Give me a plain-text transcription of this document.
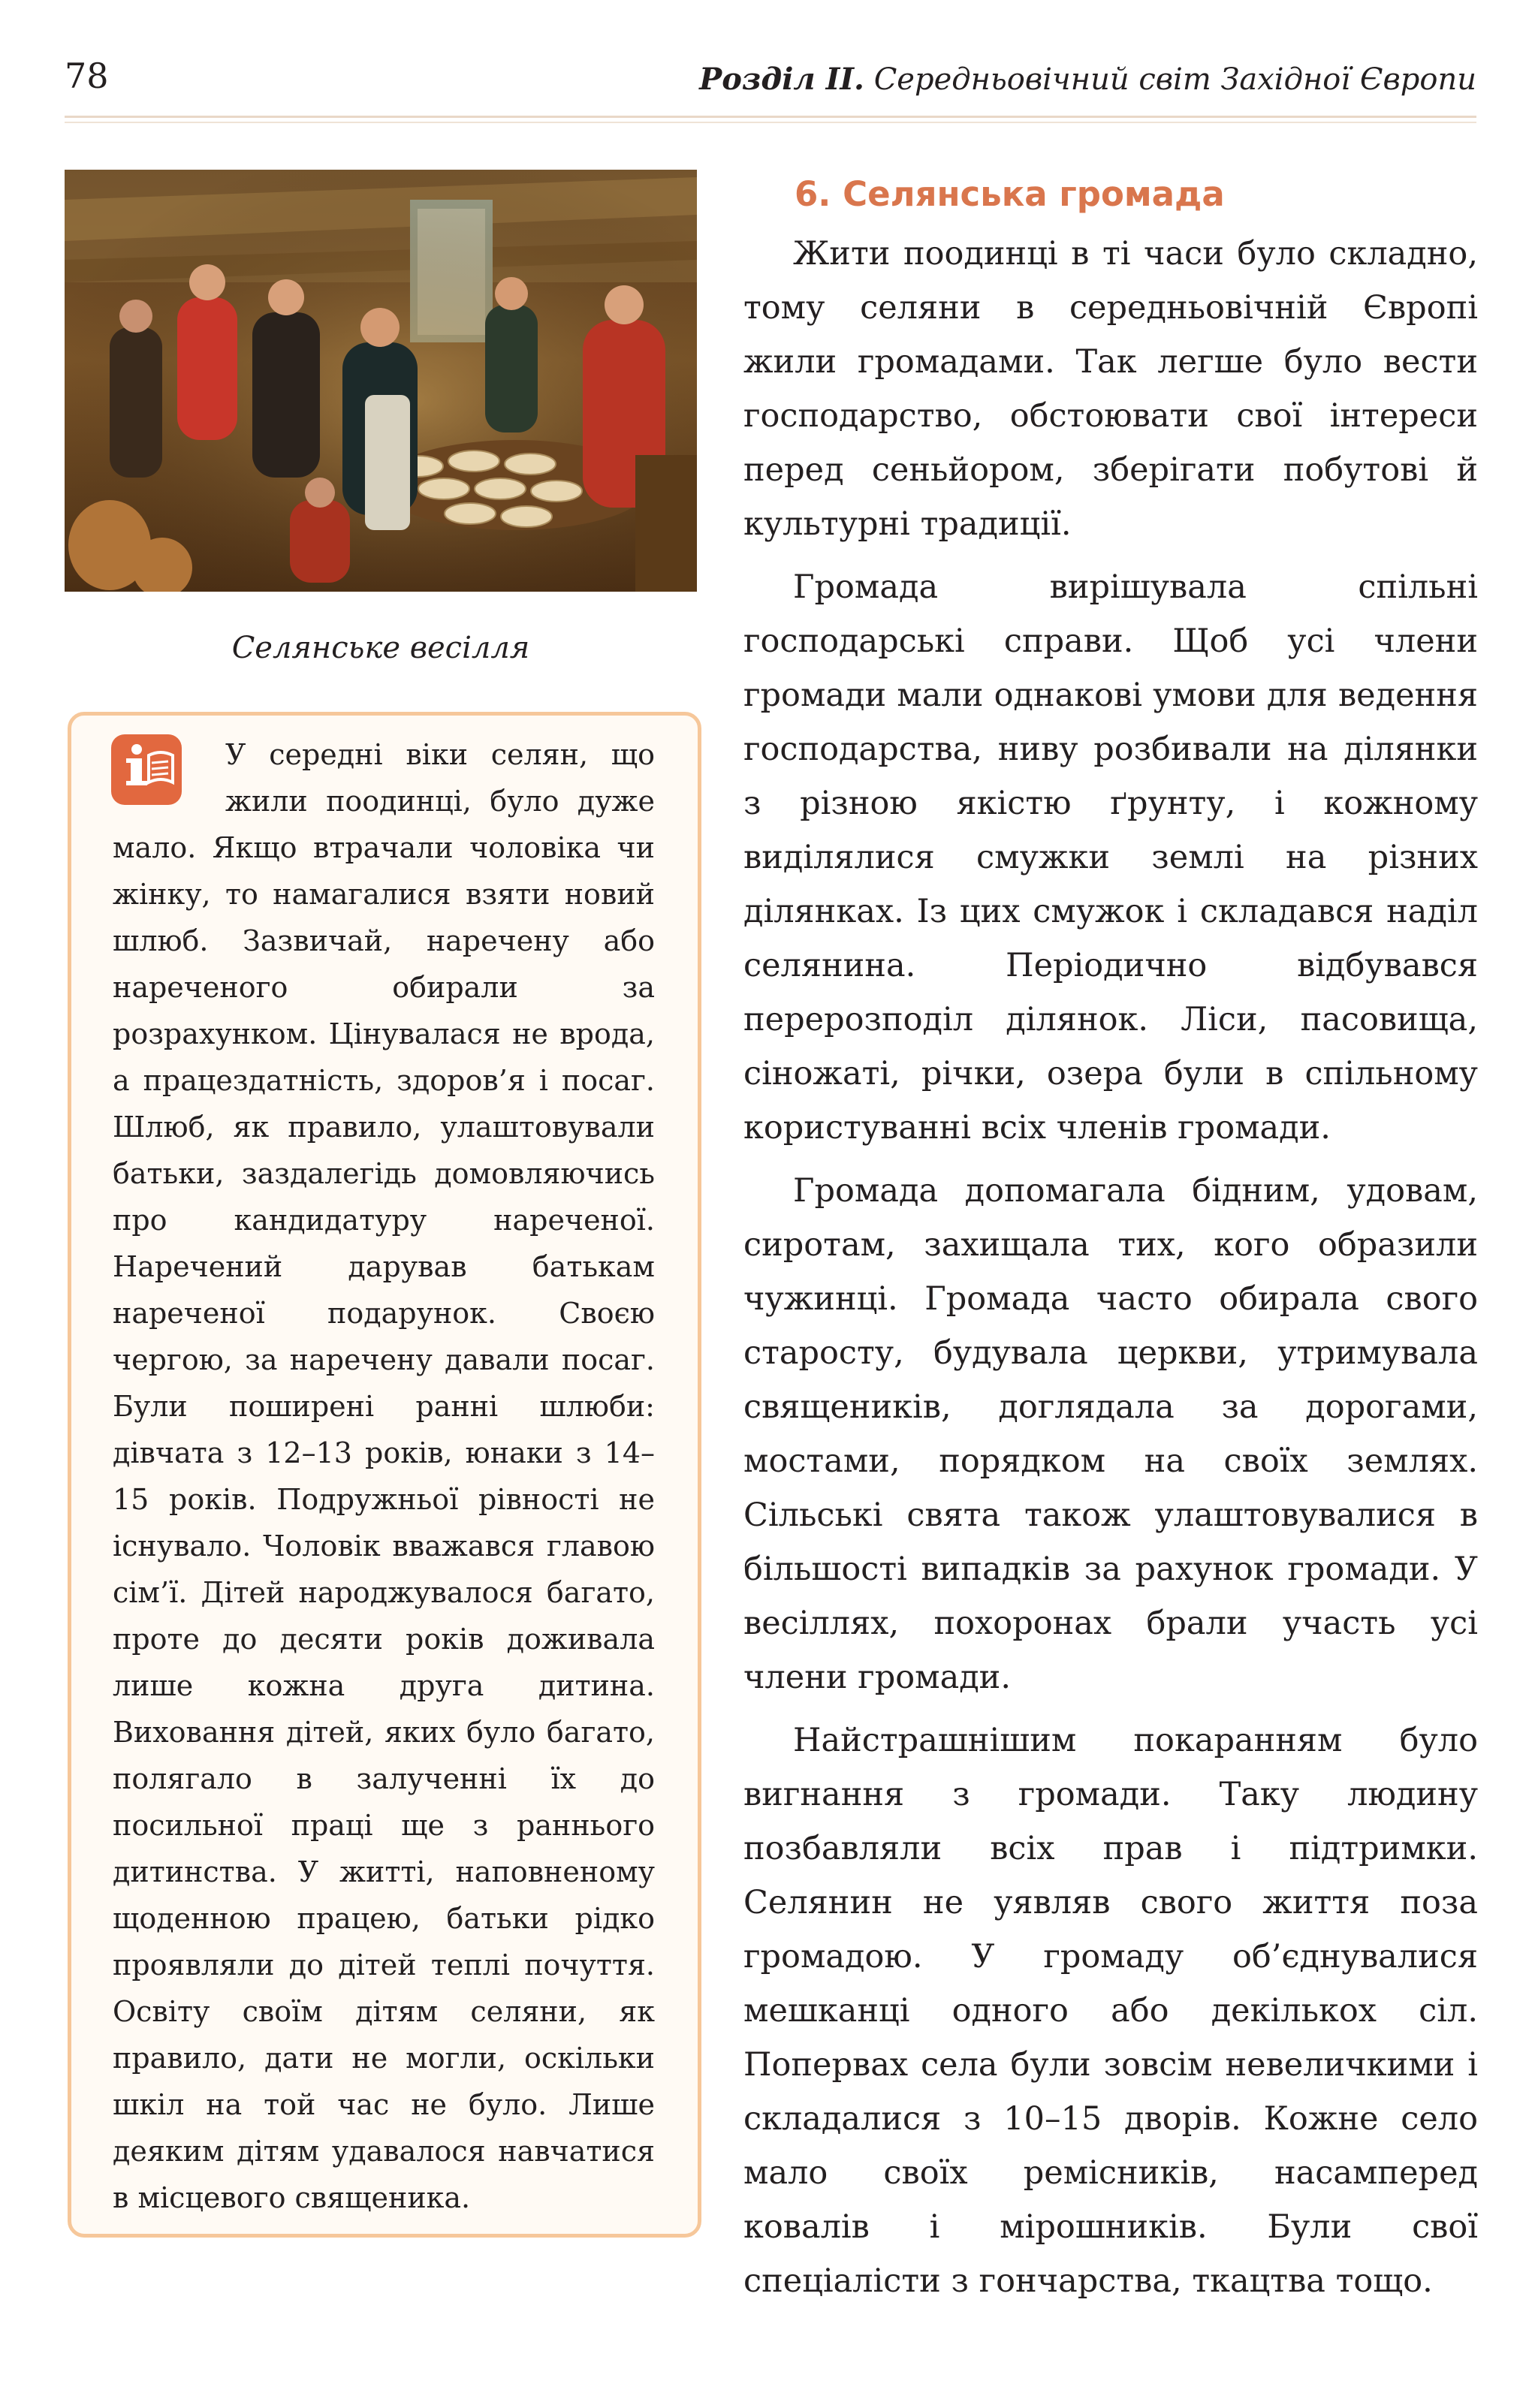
78	Розділ ІІ. Середньовічний світ Західної Європи
Селянське весілля
У середні віки селян, що жили поодинці, було дуже мало. Якщо втрачали чоловіка чи жінку, то намагалися взяти новий шлюб. Зазвичай, наречену або нареченого обирали за розрахунком. Цінувалася не врода, а працездатність, здоров’я і посаг. Шлюб, як правило, улаштовували батьки, заздалегідь домовляючись про кандидатуру нареченої. Наречений дарував батькам нареченої подарунок. Своєю чергою, за наречену давали посаг. Були поширені ранні шлюби: дівчата з 12–13 років, юнаки з 14–15 років. Подружньої рівності не існувало. Чоловік вважався главою сім’ї. Дітей народжувалося багато, проте до десяти років доживала лише кожна друга дитина. Виховання дітей, яких було багато, полягало в залученні їх до посильної праці ще з раннього дитинства. У житті, наповненому щоденною працею, батьки рідко проявляли до дітей теплі почуття. Освіту своїм дітям селяни, як правило, дати не могли, оскільки шкіл на той час не було. Лише деяким дітям удавалося навчатися в місцевого священика.
6. Селянська громада

Жити поодинці в ті часи було складно, тому селяни в середньовічній Європі жили громадами. Так легше було вести господарство, обстоювати свої інтереси перед сеньйором, зберігати побутові й культурні традиції.

Громада вирішувала спільні господарські справи. Щоб усі члени громади мали однакові умови для ведення господарства, ниву розбивали на ділянки з різною якістю ґрунту, і кожному виділялися смужки землі на різних ділянках. Із цих смужок і складався наділ селянина. Періодично відбувався перерозподіл ділянок. Ліси, пасовища, сіножаті, річки, озера були в спільному користуванні всіх членів громади.

Громада допомагала бідним, удовам, сиротам, захищала тих, кого образили чужинці. Громада часто обирала свого старосту, будувала церкви, утримувала священиків, доглядала за дорогами, мостами, порядком на своїх землях. Сільські свята також улаштовувалися в більшості випадків за рахунок громади. У весіллях, похоронах брали участь усі члени громади.

Найстрашнішим покаранням було вигнання з громади. Таку людину позбавляли всіх прав і підтримки. Селянин не уявляв свого життя поза громадою. У громаду об’єднувалися мешканці одного або декількох сіл. Попервах села були зовсім невеличкими і складалися з 10–15 дворів. Кожне село мало своїх ремісників, насамперед ковалів і мірошників. Були свої спеціалісти з гончарства, ткацтва тощо.
